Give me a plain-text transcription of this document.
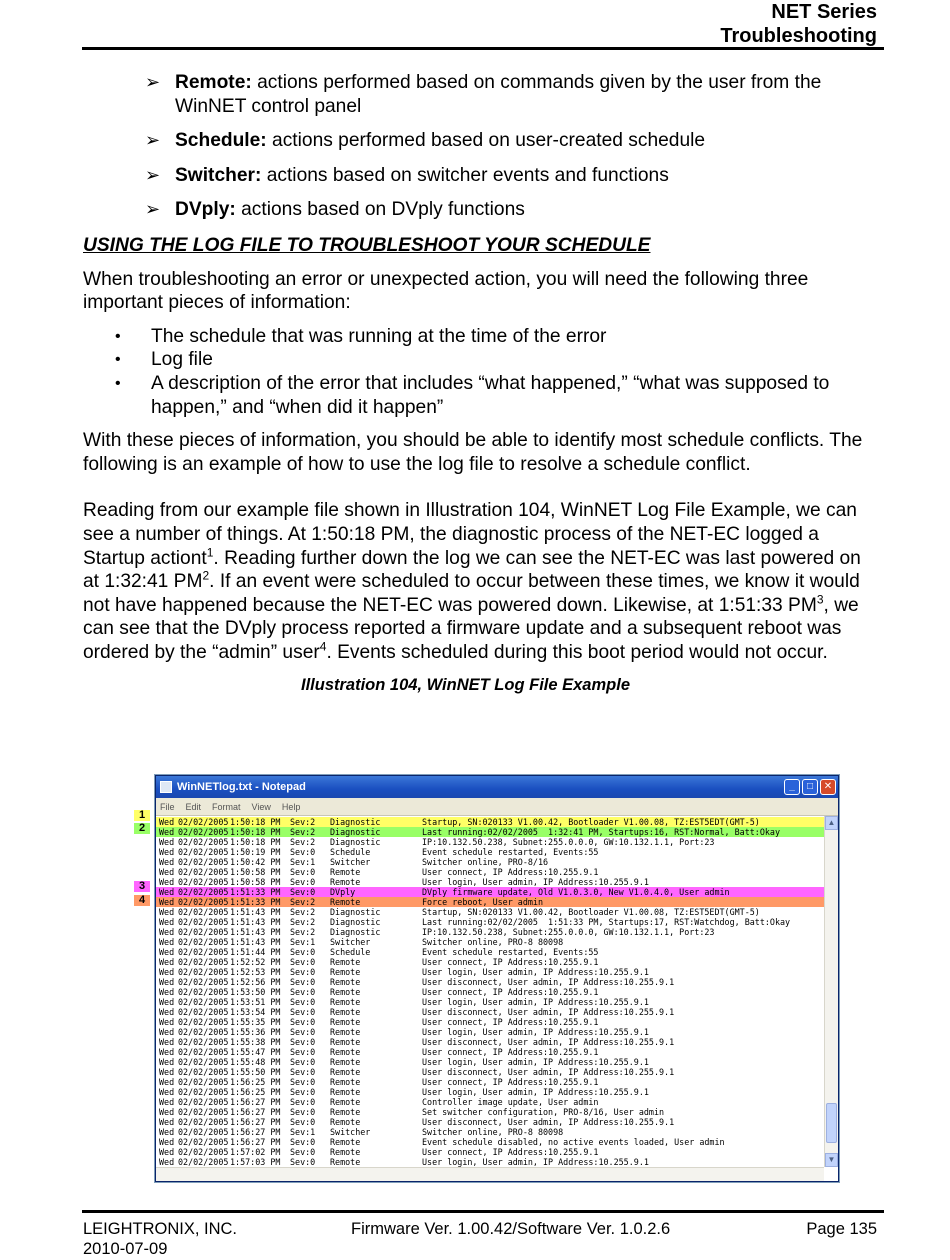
NET Series
Troubleshooting
➢ Remote: actions performed based on commands given by the user from the WinNET control panel
➢ Schedule: actions performed based on user-created schedule
➢ Switcher: actions based on switcher events and functions
➢ DVply: actions based on DVply functions
USING THE LOG FILE TO TROUBLESHOOT YOUR SCHEDULE
When troubleshooting an error or unexpected action, you will need the following three important pieces of information:
• The schedule that was running at the time of the error
• Log file
• A description of the error that includes “what happened,” “what was supposed to happen,” and “when did it happen”
With these pieces of information, you should be able to identify most schedule conflicts. The following is an example of how to use the log file to resolve a schedule conflict.
Reading from our example file shown in Illustration 104, WinNET Log File Example, we can see a number of things. At 1:50:18 PM, the diagnostic process of the NET-EC logged a Startup actiont$^1$. Reading further down the log we can see the NET-EC was last powered on at 1:32:41 $PM^2$. If an event were scheduled to occur between these times, we know it would not have happened because the NET-EC was powered down. Likewise, at 1:51:33 $PM^3$, we can see that the DVply process reported a firmware update and a subsequent reboot was ordered by the “admin” user$^4$. Events scheduled during this boot period would not occur.
Illustration 104, WinNET Log File Example
1
2
3
4
WinNETlog.txt - Notepad	_	□	✕
File Edit Format View Help
Wed 02/02/2005 1:50:18 PM	Sev:2	Diagnostic	Startup, SN:020133 V1.00.42, Bootloader V1.00.08, TZ:EST5EDT(GMT-5)
Wed 02/02/2005 1:50:18 PM	Sev:2	Diagnostic	Last running:02/02/2005  1:32:41 PM, Startups:16, RST:Normal, Batt:Okay
Wed 02/02/2005 1:50:18 PM	Sev:2	Diagnostic	IP:10.132.50.238, Subnet:255.0.0.0, GW:10.132.1.1, Port:23
Wed 02/02/2005 1:50:19 PM	Sev:0	Schedule	Event schedule restarted, Events:55
Wed 02/02/2005 1:50:42 PM	Sev:1	Switcher	Switcher online, PRO-8/16
Wed 02/02/2005 1:50:58 PM	Sev:0	Remote	User connect, IP Address:10.255.9.1
Wed 02/02/2005 1:50:58 PM	Sev:0	Remote	User login, User admin, IP Address:10.255.9.1
Wed 02/02/2005 1:51:33 PM	Sev:0	DVply	DVply firmware update, Old V1.0.3.0, New V1.0.4.0, User admin
Wed 02/02/2005 1:51:33 PM	Sev:2	Remote	Force reboot, User admin
Wed 02/02/2005 1:51:43 PM	Sev:2	Diagnostic	Startup, SN:020133 V1.00.42, Bootloader V1.00.08, TZ:EST5EDT(GMT-5)
Wed 02/02/2005 1:51:43 PM	Sev:2	Diagnostic	Last running:02/02/2005  1:51:33 PM, Startups:17, RST:Watchdog, Batt:Okay
Wed 02/02/2005 1:51:43 PM	Sev:2	Diagnostic	IP:10.132.50.238, Subnet:255.0.0.0, GW:10.132.1.1, Port:23
Wed 02/02/2005 1:51:43 PM	Sev:1	Switcher	Switcher online, PRO-8 80098
Wed 02/02/2005 1:51:44 PM	Sev:0	Schedule	Event schedule restarted, Events:55
Wed 02/02/2005 1:52:52 PM	Sev:0	Remote	User connect, IP Address:10.255.9.1
Wed 02/02/2005 1:52:53 PM	Sev:0	Remote	User login, User admin, IP Address:10.255.9.1
Wed 02/02/2005 1:52:56 PM	Sev:0	Remote	User disconnect, User admin, IP Address:10.255.9.1
Wed 02/02/2005 1:53:50 PM	Sev:0	Remote	User connect, IP Address:10.255.9.1
Wed 02/02/2005 1:53:51 PM	Sev:0	Remote	User login, User admin, IP Address:10.255.9.1
Wed 02/02/2005 1:53:54 PM	Sev:0	Remote	User disconnect, User admin, IP Address:10.255.9.1
Wed 02/02/2005 1:55:35 PM	Sev:0	Remote	User connect, IP Address:10.255.9.1
Wed 02/02/2005 1:55:36 PM	Sev:0	Remote	User login, User admin, IP Address:10.255.9.1
Wed 02/02/2005 1:55:38 PM	Sev:0	Remote	User disconnect, User admin, IP Address:10.255.9.1
Wed 02/02/2005 1:55:47 PM	Sev:0	Remote	User connect, IP Address:10.255.9.1
Wed 02/02/2005 1:55:48 PM	Sev:0	Remote	User login, User admin, IP Address:10.255.9.1
Wed 02/02/2005 1:55:50 PM	Sev:0	Remote	User disconnect, User admin, IP Address:10.255.9.1
Wed 02/02/2005 1:56:25 PM	Sev:0	Remote	User connect, IP Address:10.255.9.1
Wed 02/02/2005 1:56:25 PM	Sev:0	Remote	User login, User admin, IP Address:10.255.9.1
Wed 02/02/2005 1:56:27 PM	Sev:0	Remote	Controller image update, User admin
Wed 02/02/2005 1:56:27 PM	Sev:0	Remote	Set switcher configuration, PRO-8/16, User admin
Wed 02/02/2005 1:56:27 PM	Sev:0	Remote	User disconnect, User admin, IP Address:10.255.9.1
Wed 02/02/2005 1:56:27 PM	Sev:1	Switcher	Switcher online, PRO-8 80098
Wed 02/02/2005 1:56:27 PM	Sev:0	Remote	Event schedule disabled, no active events loaded, User admin
Wed 02/02/2005 1:57:02 PM	Sev:0	Remote	User connect, IP Address:10.255.9.1
Wed 02/02/2005 1:57:03 PM	Sev:0	Remote	User login, User admin, IP Address:10.255.9.1
▲
▼
LEIGHTRONIX, INC.
2010-07-09
Firmware Ver. 1.00.42/Software Ver. 1.0.2.6	Page 135
